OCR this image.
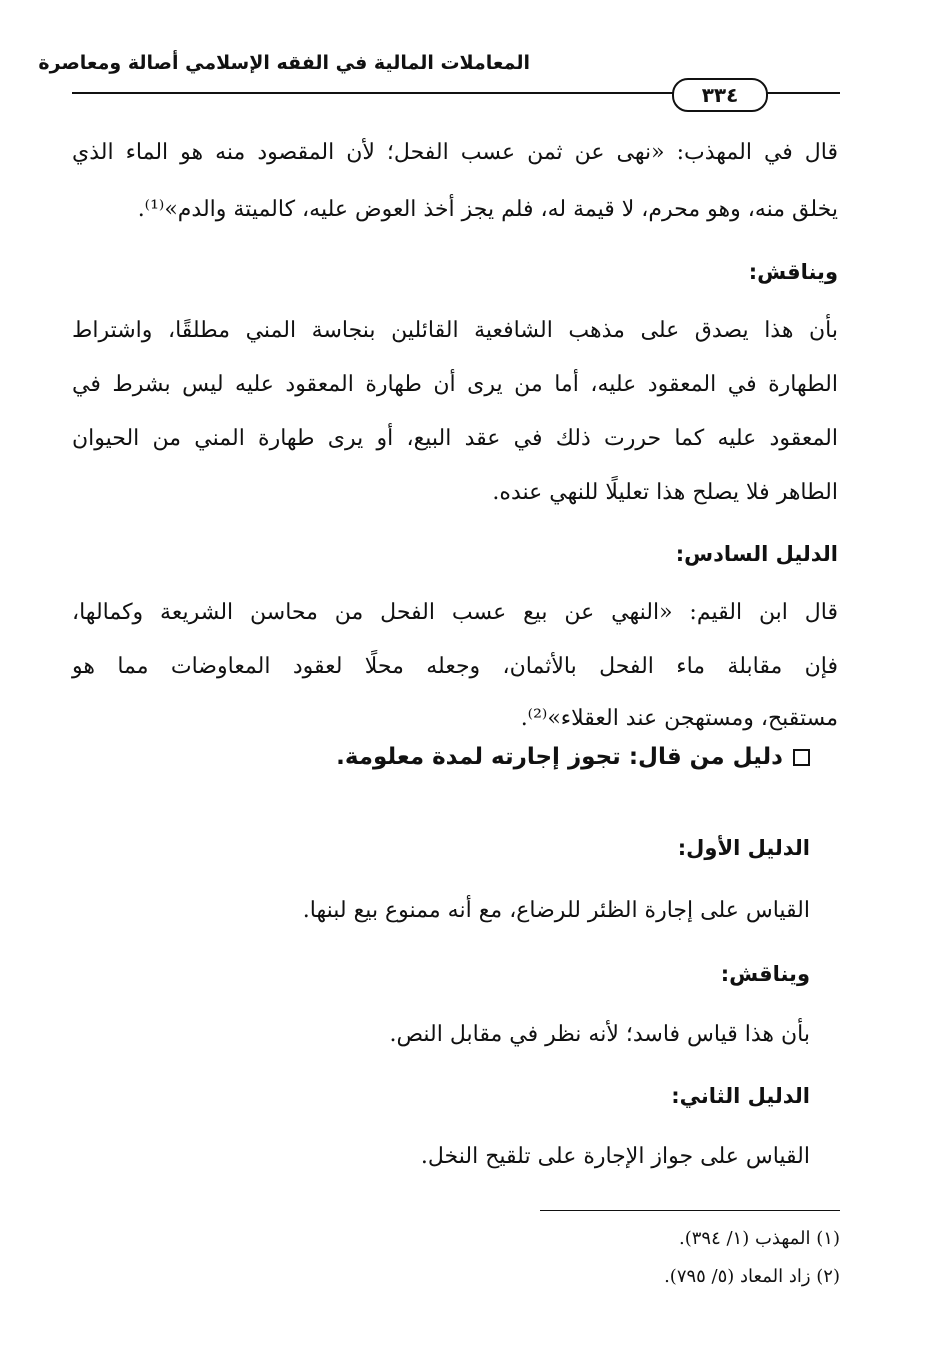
المعاملات المالية في الفقه الإسلامي أصالة ومعاصرة
٣٣٤
قال في المهذب: «نهى عن ثمن عسب الفحل؛ لأن المقصود منه هو الماء الذي
يخلق منه، وهو محرم، لا قيمة له، فلم يجز أخذ العوض عليه، كالميتة والدم»⁽¹⁾.
ويناقش:
بأن هذا يصدق على مذهب الشافعية القائلين بنجاسة المني مطلقًا، واشتراط
الطهارة في المعقود عليه، أما من يرى أن طهارة المعقود عليه ليس بشرط في
المعقود عليه كما حررت ذلك في عقد البيع، أو يرى طهارة المني من الحيوان
الطاهر فلا يصلح هذا تعليلًا للنهي عنده.
الدليل السادس:
قال ابن القيم: «النهي عن بيع عسب الفحل من محاسن الشريعة وكمالها،
فإن مقابلة ماء الفحل بالأثمان، وجعله محلًا لعقود المعاوضات مما هو
مستقبح، ومستهجن عند العقلاء»⁽²⁾.
دليل من قال: تجوز إجارته لمدة معلومة.
الدليل الأول:
القياس على إجارة الظئر للرضاع، مع أنه ممنوع بيع لبنها.
ويناقش:
بأن هذا قياس فاسد؛ لأنه نظر في مقابل النص.
الدليل الثاني:
القياس على جواز الإجارة على تلقيح النخل.
(١) المهذب (١/ ٣٩٤).
(٢) زاد المعاد (٥/ ٧٩٥).
